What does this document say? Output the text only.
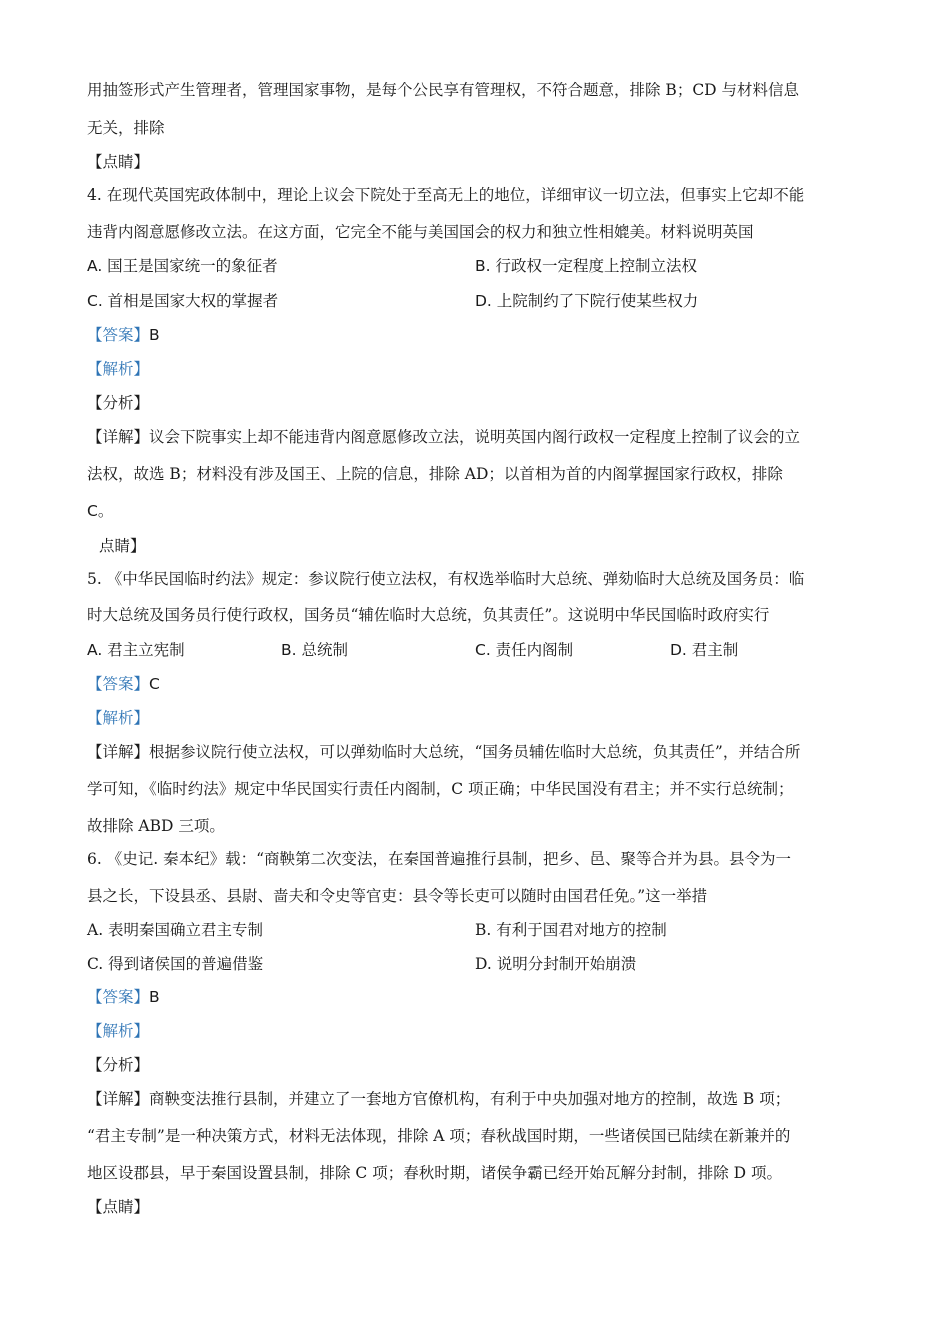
用抽签形式产生管理者，管理国家事物，是每个公民享有管理权，不符合题意，排除 B；CD 与材料信息
无关，排除
【点睛】
4. 在现代英国宪政体制中，理论上议会下院处于至高无上的地位，详细审议一切立法，但事实上它却不能
违背内阁意愿修改立法。在这方面，它完全不能与美国国会的权力和独立性相媲美。材料说明英国
A. 国王是国家统一的象征者	B. 行政权一定程度上控制立法权
C. 首相是国家大权的掌握者	D. 上院制约了下院行使某些权力
【答案】B
【解析】
【分析】
【详解】议会下院事实上却不能违背内阁意愿修改立法，说明英国内阁行政权一定程度上控制了议会的立
法权，故选 B；材料没有涉及国王、上院的信息，排除 AD；以首相为首的内阁掌握国家行政权，排除
C。
点睛】
5. 《中华民国临时约法》规定：参议院行使立法权，有权选举临时大总统、弹劾临时大总统及国务员：临
时大总统及国务员行使行政权，国务员“辅佐临时大总统，负其责任”。这说明中华民国临时政府实行
A. 君主立宪制	B. 总统制	C. 责任内阁制	D. 君主制
【答案】C
【解析】
【详解】根据参议院行使立法权，可以弹劾临时大总统，“国务员辅佐临时大总统，负其责任”，并结合所
学可知，《临时约法》规定中华民国实行责任内阁制，C 项正确；中华民国没有君主；并不实行总统制；
故排除 ABD 三项。
6. 《史记. 秦本纪》载：“商鞅第二次变法，在秦国普遍推行县制，把乡、邑、聚等合并为县。县令为一
县之长，下设县丞、县尉、啬夫和令史等官吏：县令等长吏可以随时由国君任免。”这一举措
A. 表明秦国确立君主专制	B. 有利于国君对地方的控制
C. 得到诸侯国的普遍借鉴	D. 说明分封制开始崩溃
【答案】B
【解析】
【分析】
【详解】商鞅变法推行县制，并建立了一套地方官僚机构，有利于中央加强对地方的控制，故选 B 项；
“君主专制”是一种决策方式，材料无法体现，排除 A 项；春秋战国时期，一些诸侯国已陆续在新兼并的
地区设郡县，早于秦国设置县制，排除 C 项；春秋时期，诸侯争霸已经开始瓦解分封制，排除 D 项。
【点睛】
